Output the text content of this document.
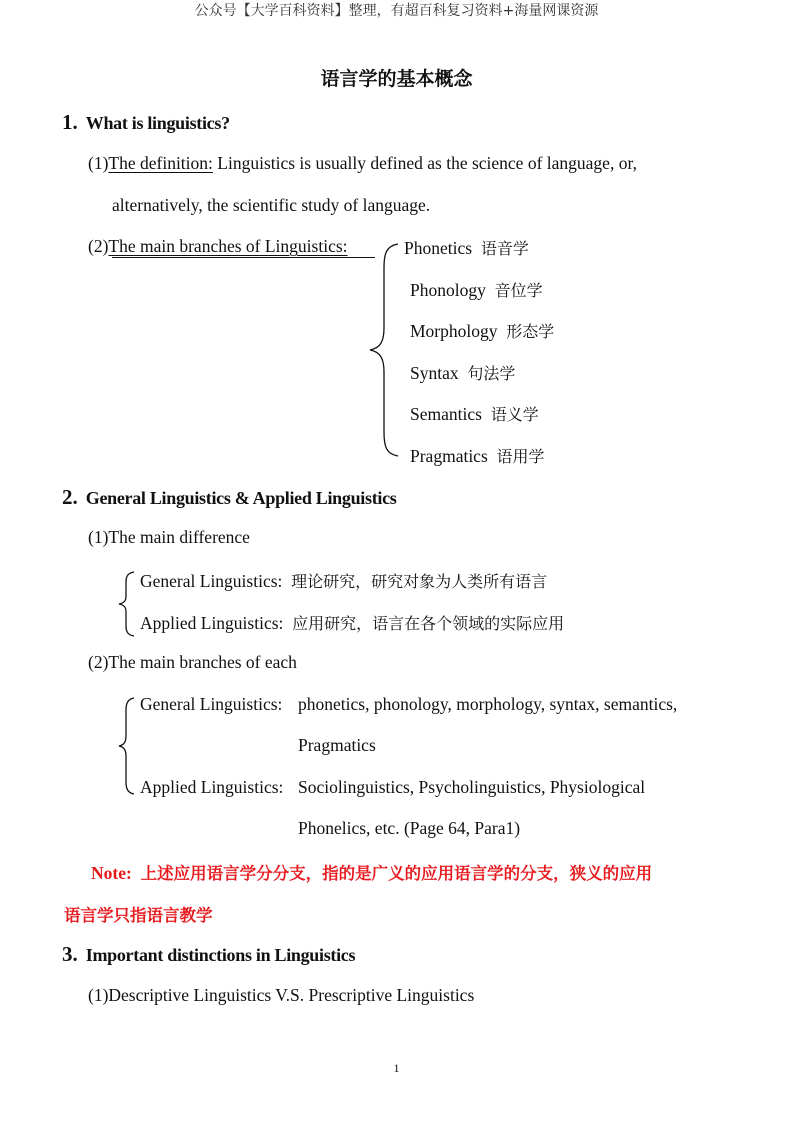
公众号【大学百科资料】整理，有超百科复习资料+海量网课资源
语言学的基本概念
1. What is linguistics?
(1)The definition: Linguistics is usually defined as the science of language, or,
alternatively, the scientific study of language.
(2)The main branches of Linguistics:	Phonetics 语音学
Phonology 音位学
Morphology 形态学
Syntax 句法学
Semantics 语义学
Pragmatics 语用学
2. General Linguistics & Applied Linguistics
(1)The main difference
General Linguistics: 理论研究，研究对象为人类所有语言
Applied Linguistics: 应用研究，语言在各个领域的实际应用
(2)The main branches of each
General Linguistics: phonetics, phonology, morphology, syntax, semantics,
Pragmatics
Applied Linguistics: Sociolinguistics, Psycholinguistics, Physiological
Phonelics, etc. (Page 64, Para1)
Note: 上述应用语言学分分支，指的是广义的应用语言学的分支，狭义的应用
语言学只指语言教学
3. Important distinctions in Linguistics
(1)Descriptive Linguistics V.S. Prescriptive Linguistics
1
